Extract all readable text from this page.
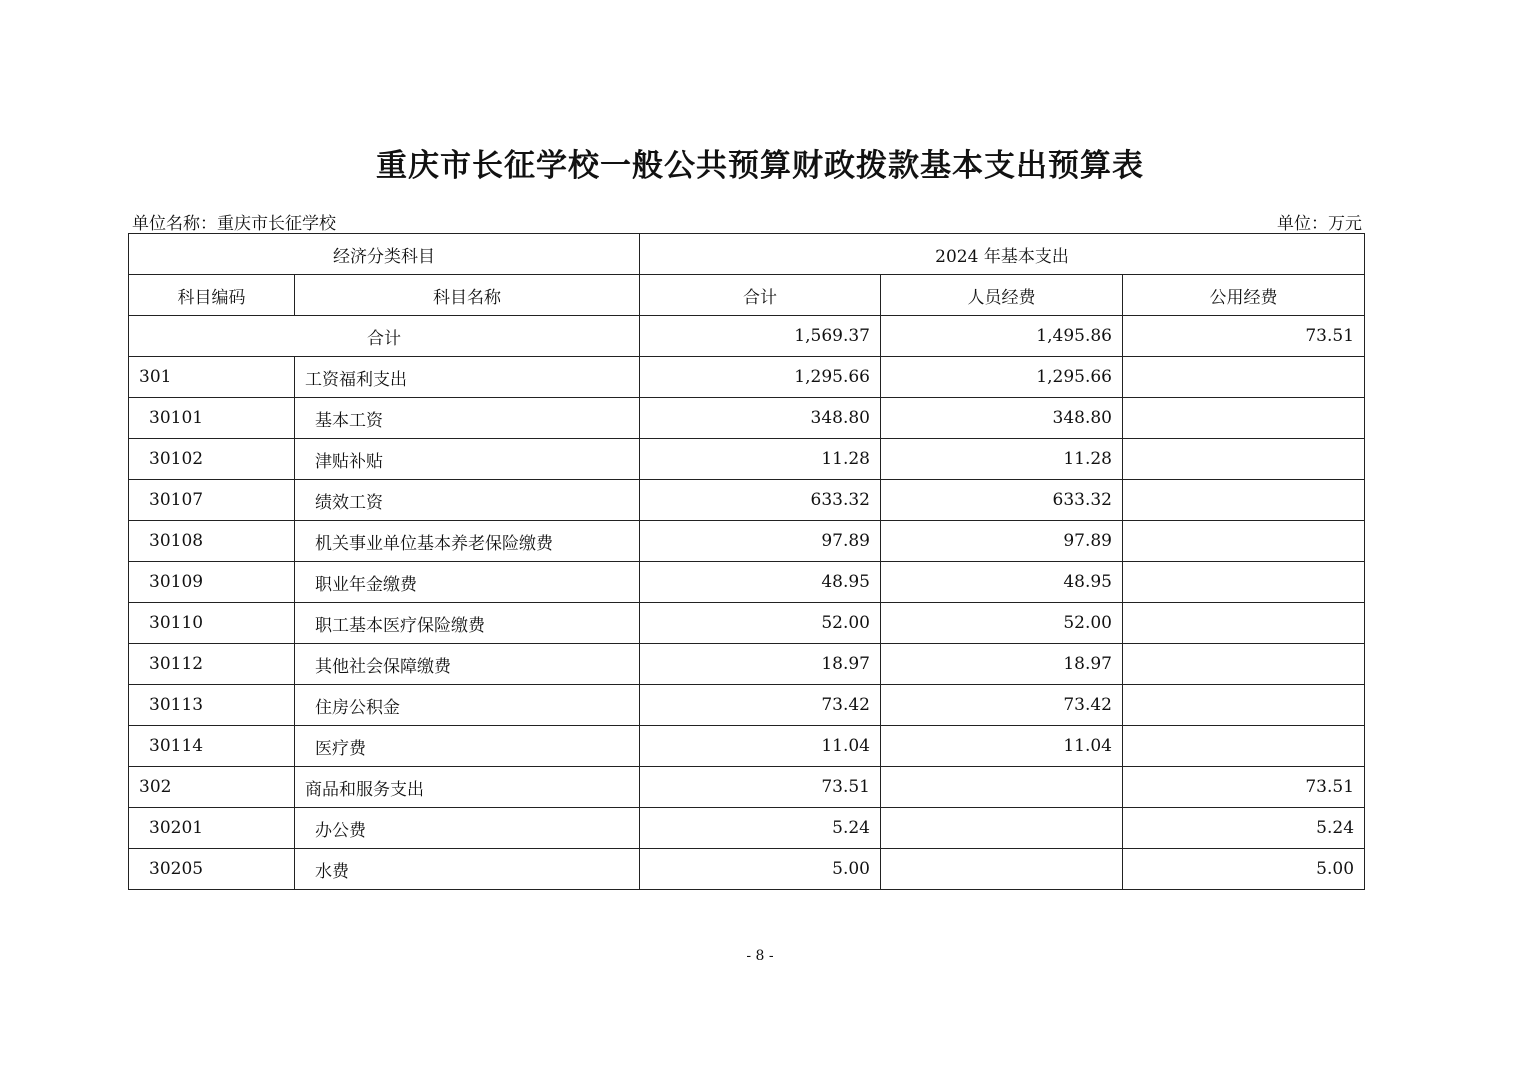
重庆市长征学校一般公共预算财政拨款基本支出预算表
单位名称：重庆市长征学校	单位：万元
经济分类科目		2024 年基本支出		
科目编码	科目名称	合计	人员经费	公用经费
合计		1,569.37	1,495.86	73.51
301	工资福利支出	1,295.66	1,295.66	
30101	基本工资	348.80	348.80	
30102	津贴补贴	11.28	11.28	
30107	绩效工资	633.32	633.32	
30108	机关事业单位基本养老保险缴费	97.89	97.89	
30109	职业年金缴费	48.95	48.95	
30110	职工基本医疗保险缴费	52.00	52.00	
30112	其他社会保障缴费	18.97	18.97	
30113	住房公积金	73.42	73.42	
30114	医疗费	11.04	11.04	
302	商品和服务支出	73.51		73.51
30201	办公费	5.24		5.24
30205	水费	5.00		5.00
- 8 -
